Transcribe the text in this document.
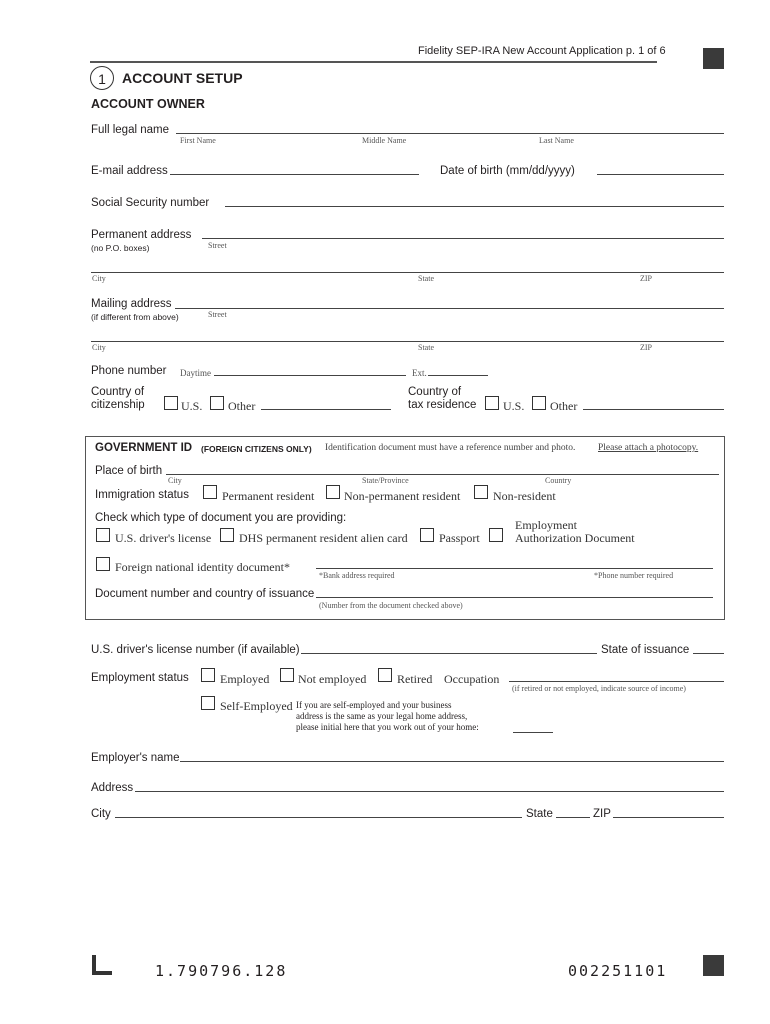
Fidelity SEP-IRA New Account Application p. 1 of 6
1	ACCOUNT SETUP
ACCOUNT OWNER
Full legal name
First Name	Middle Name	Last Name
E-mail address	Date of birth (mm/dd/yyyy)
Social Security number
Permanent address
(no P.O. boxes)	Street
City	State	ZIP
Mailing address
(if different from above)	Street
City	State	ZIP
Phone number Daytime	Ext.
Country of
citizenship	U.S. Other
Country of
tax residence U.S. Other
GOVERNMENT ID (FOREIGN CITIZENS ONLY) Identification document must have a reference number and photo. Please attach a photocopy.
Place of birth
City	State/Province	Country
Immigration status	Permanent resident Non-permanent resident	Non-resident
Check which type of document you are providing:
U.S. driver's license DHS permanent resident alien card	Passport
Employment
Authorization Document
Foreign national identity document*
*Bank address required	*Phone number required
Document number and country of issuance
(Number from the document checked above)
U.S. driver's license number (if available)	State of issuance
Employment status	Employed Not employed	Retired Occupation
(if retired or not employed, indicate source of income)
Self-Employed If you are self-employed and your business
address is the same as your legal home address,
please initial here that you work out of your home:
Employer's name
Address
City	State	ZIP
1.790796.128	002251101
